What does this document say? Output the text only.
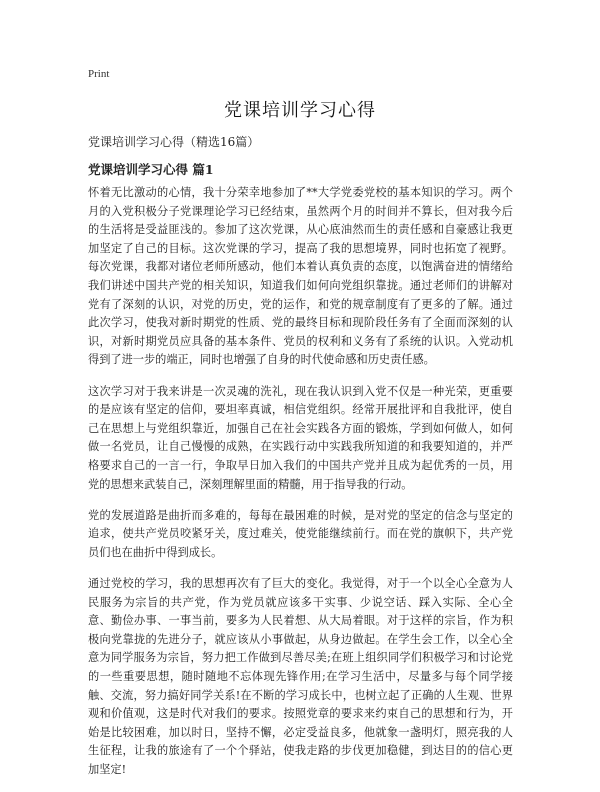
Print
党课培训学习心得

党课培训学习心得（精选16篇）

党课培训学习心得 篇1

怀着无比激动的心情，我十分荣幸地参加了**大学党委党校的基本知识的学习。两个月的入党积极分子党课理论学习已经结束，虽然两个月的时间并不算长，但对我今后的生活将是受益匪浅的。参加了这次党课，从心底油然而生的责任感和自豪感让我更加坚定了自己的目标。这次党课的学习，提高了我的思想境界，同时也拓宽了视野。每次党课，我都对诸位老师所感动，他们本着认真负责的态度，以饱满奋进的情绪给我们讲述中国共产党的相关知识，知道我们如何向党组织靠拢。通过老师们的讲解对党有了深刻的认识，对党的历史，党的运作，和党的规章制度有了更多的了解。通过此次学习，使我对新时期党的性质、党的最终目标和现阶段任务有了全面而深刻的认识，对新时期党员应具备的基本条件、党员的权利和义务有了系统的认识。入党动机得到了进一步的端正，同时也增强了自身的时代使命感和历史责任感。

这次学习对于我来讲是一次灵魂的洗礼，现在我认识到入党不仅是一种光荣，更重要的是应该有坚定的信仰，要坦率真诚，相信党组织。经常开展批评和自我批评，使自己在思想上与党组织靠近，加强自己在社会实践各方面的锻炼，学到如何做人，如何做一名党员，让自己慢慢的成熟，在实践行动中实践我所知道的和我要知道的，并严格要求自己的一言一行，争取早日加入我们的中国共产党并且成为起优秀的一员，用党的思想来武装自己，深刻理解里面的精髓，用于指导我的行动。

党的发展道路是曲折而多难的，每每在最困难的时候，是对党的坚定的信念与坚定的追求，使共产党员咬紧牙关，度过难关，使党能继续前行。而在党的旗帜下，共产党员们也在曲折中得到成长。

通过党校的学习，我的思想再次有了巨大的变化。我觉得，对于一个以全心全意为人民服务为宗旨的共产党，作为党员就应该多干实事、少说空话、踩入实际、全心全意、勤俭办事、一事当前，要多为人民着想、从大局着眼。对于这样的宗旨，作为积极向党靠拢的先进分子，就应该从小事做起，从身边做起。在学生会工作，以全心全意为同学服务为宗旨，努力把工作做到尽善尽美;在班上组织同学们积极学习和讨论党的一些重要思想，随时随地不忘体现先锋作用;在学习生活中，尽量多与每个同学接触、交流，努力搞好同学关系!在不断的学习成长中，也树立起了正确的人生观、世界观和价值观，这是时代对我们的要求。按照党章的要求来约束自己的思想和行为，开始是比较困难，加以时日，坚持不懈，必定受益良多，他就象一盏明灯，照亮我的人生征程，让我的旅途有了一个个驿站，使我走路的步伐更加稳健，到达目的的信心更加坚定!
